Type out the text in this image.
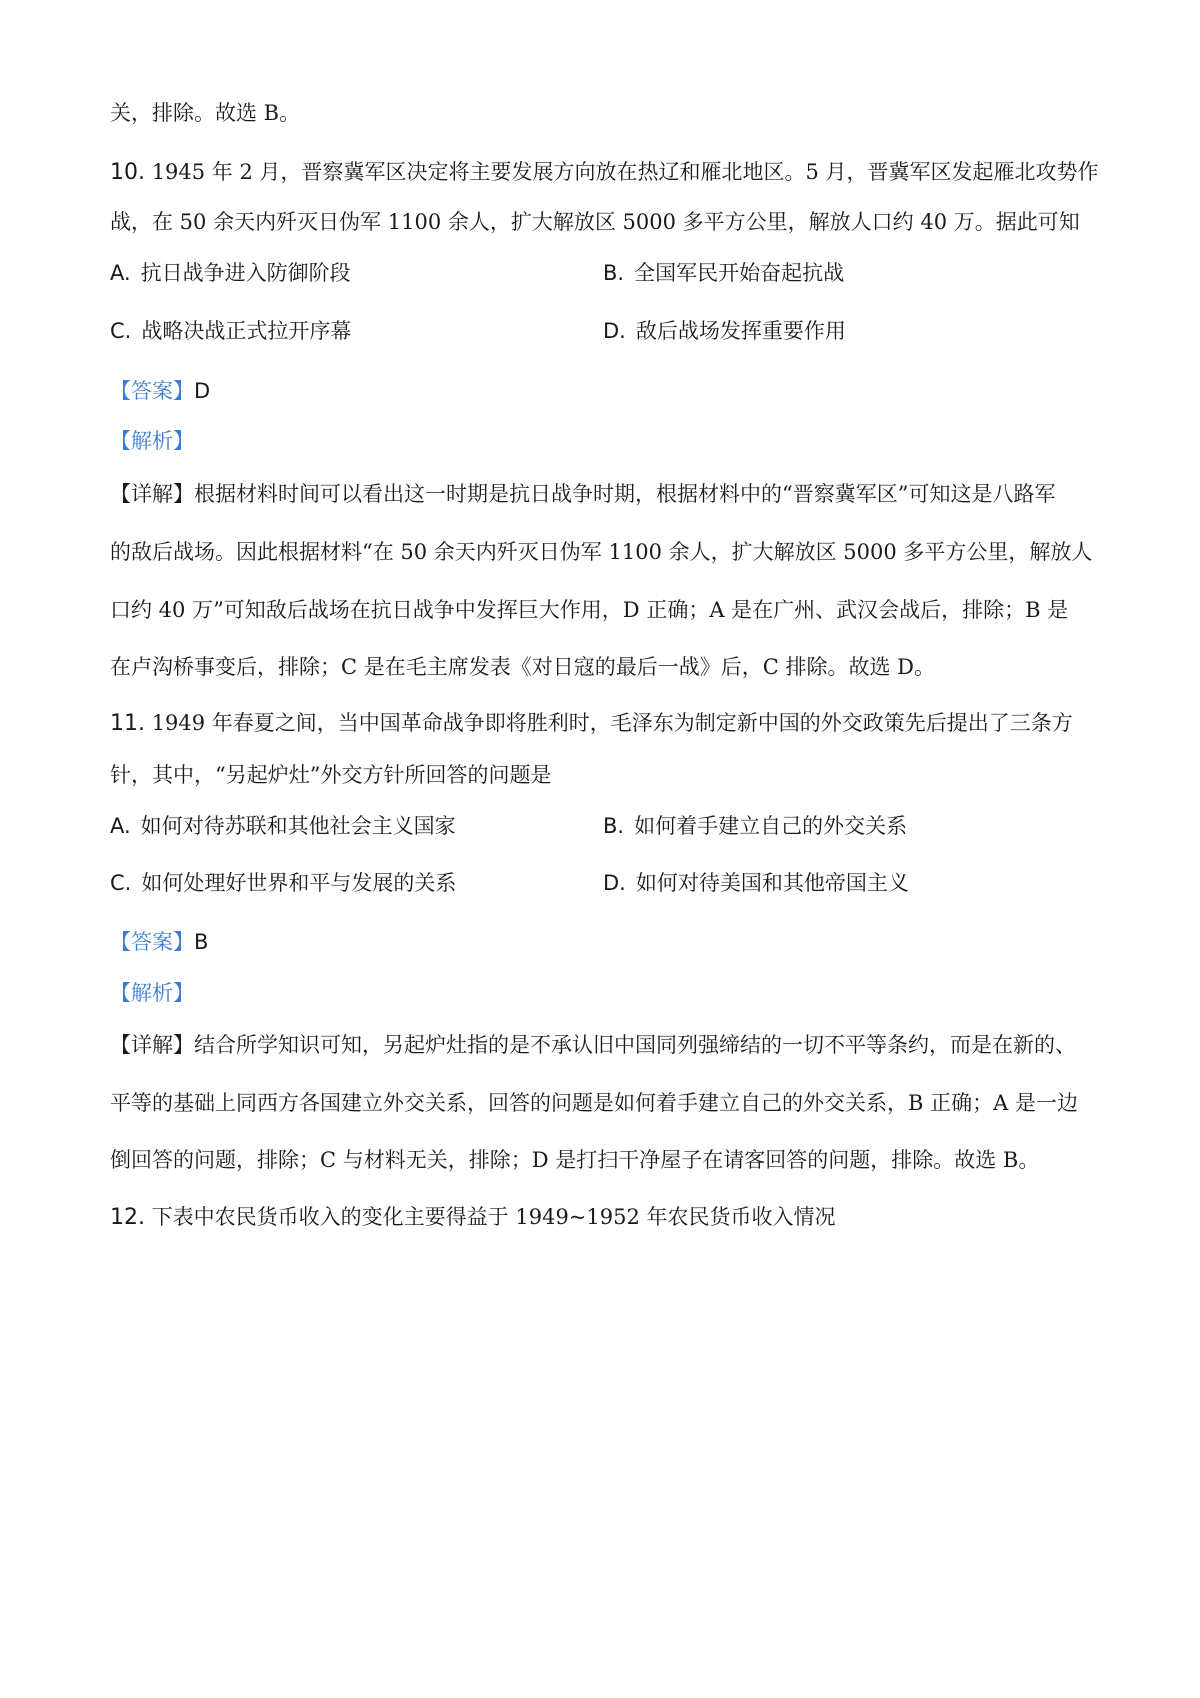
关，排除。故选 B。
10. 1945 年 2 月，晋察冀军区决定将主要发展方向放在热辽和雁北地区。5 月，晋冀军区发起雁北攻势作
战，在 50 余天内歼灭日伪军 1100 余人，扩大解放区 5000 多平方公里，解放人口约 40 万。据此可知
A. 抗日战争进入防御阶段	B. 全国军民开始奋起抗战
C. 战略决战正式拉开序幕	D. 敌后战场发挥重要作用
【答案】D
【解析】
【详解】根据材料时间可以看出这一时期是抗日战争时期，根据材料中的“晋察冀军区”可知这是八路军
的敌后战场。因此根据材料“在 50 余天内歼灭日伪军 1100 余人，扩大解放区 5000 多平方公里，解放人
口约 40 万”可知敌后战场在抗日战争中发挥巨大作用，D 正确；A 是在广州、武汉会战后，排除；B 是
在卢沟桥事变后，排除；C 是在毛主席发表《对日寇的最后一战》后，C 排除。故选 D。
11. 1949 年春夏之间，当中国革命战争即将胜利时，毛泽东为制定新中国的外交政策先后提出了三条方
针，其中，“另起炉灶”外交方针所回答的问题是
A. 如何对待苏联和其他社会主义国家	B. 如何着手建立自己的外交关系
C. 如何处理好世界和平与发展的关系	D. 如何对待美国和其他帝国主义
【答案】B
【解析】
【详解】结合所学知识可知，另起炉灶指的是不承认旧中国同列强缔结的一切不平等条约，而是在新的、
平等的基础上同西方各国建立外交关系，回答的问题是如何着手建立自己的外交关系，B 正确；A 是一边
倒回答的问题，排除；C 与材料无关，排除；D 是打扫干净屋子在请客回答的问题，排除。故选 B。
12. 下表中农民货币收入的变化主要得益于 1949~1952 年农民货币收入情况
